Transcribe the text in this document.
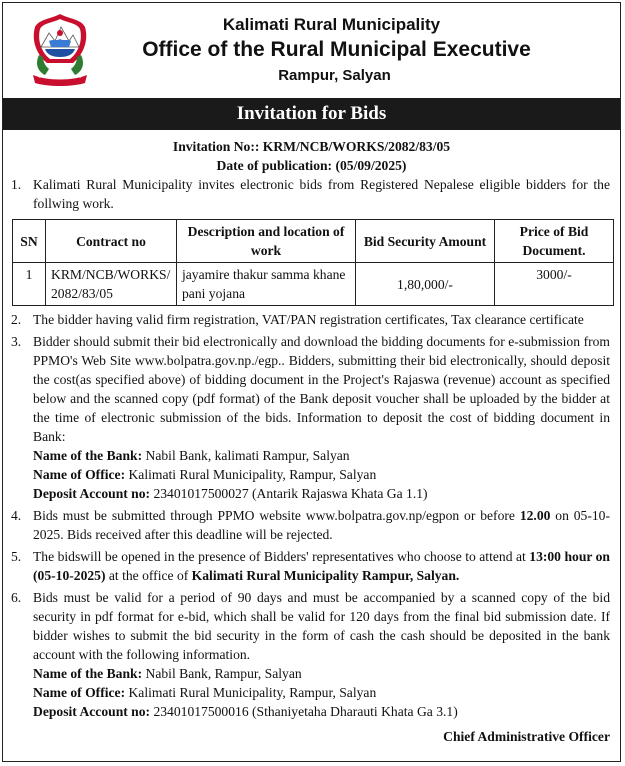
Kalimati Rural Municipality
Office of the Rural Municipal Executive
Rampur, Salyan
Invitation for Bids
Invitation No:: KRM/NCB/WORKS/2082/83/05
Date of publication: (05/09/2025)
1. Kalimati Rural Municipality invites electronic bids from Registered Nepalese eligible bidders for the follwing work.
SN	Contract no	Description and location of work	Bid Security Amount	Price of Bid Document.
1	KRM/NCB/WORKS/ 2082/83/05	jayamire thakur samma khane pani yojana	1,80,000/-	3000/-
2. The bidder having valid firm registration, VAT/PAN registration certificates, Tax clearance certificate
3. Bidder should submit their bid electronically and download the bidding documents for e-submission from PPMO's Web Site www.bolpatra.gov.np./egp.. Bidders, submitting their bid electronically, should deposit the cost(as specified above) of bidding document in the Project's Rajaswa (revenue) account as specified below and the scanned copy (pdf format) of the Bank deposit voucher shall be uploaded by the bidder at the time of electronic submission of the bids. Information to deposit the cost of bidding document in Bank:
Name of the Bank: Nabil Bank, kalimati Rampur, Salyan
Name of Office: Kalimati Rural Municipality, Rampur, Salyan
Deposit Account no: 23401017500027 (Antarik Rajaswa Khata Ga 1.1)
4. Bids must be submitted through PPMO website www.bolpatra.gov.np/egpon or before 12.00 on 05-10-2025. Bids received after this deadline will be rejected.
5. The bidswill be opened in the presence of Bidders' representatives who choose to attend at 13:00 hour on (05-10-2025) at the office of Kalimati Rural Municipality Rampur, Salyan.
6. Bids must be valid for a period of 90 days and must be accompanied by a scanned copy of the bid security in pdf format for e-bid, which shall be valid for 120 days from the final bid submission date. If bidder wishes to submit the bid security in the form of cash the cash should be deposited in the bank account with the following information.
Name of the Bank: Nabil Bank, Rampur, Salyan
Name of Office: Kalimati Rural Municipality, Rampur, Salyan
Deposit Account no: 23401017500016 (Sthaniyetaha Dharauti Khata Ga 3.1)
Chief Administrative Officer
